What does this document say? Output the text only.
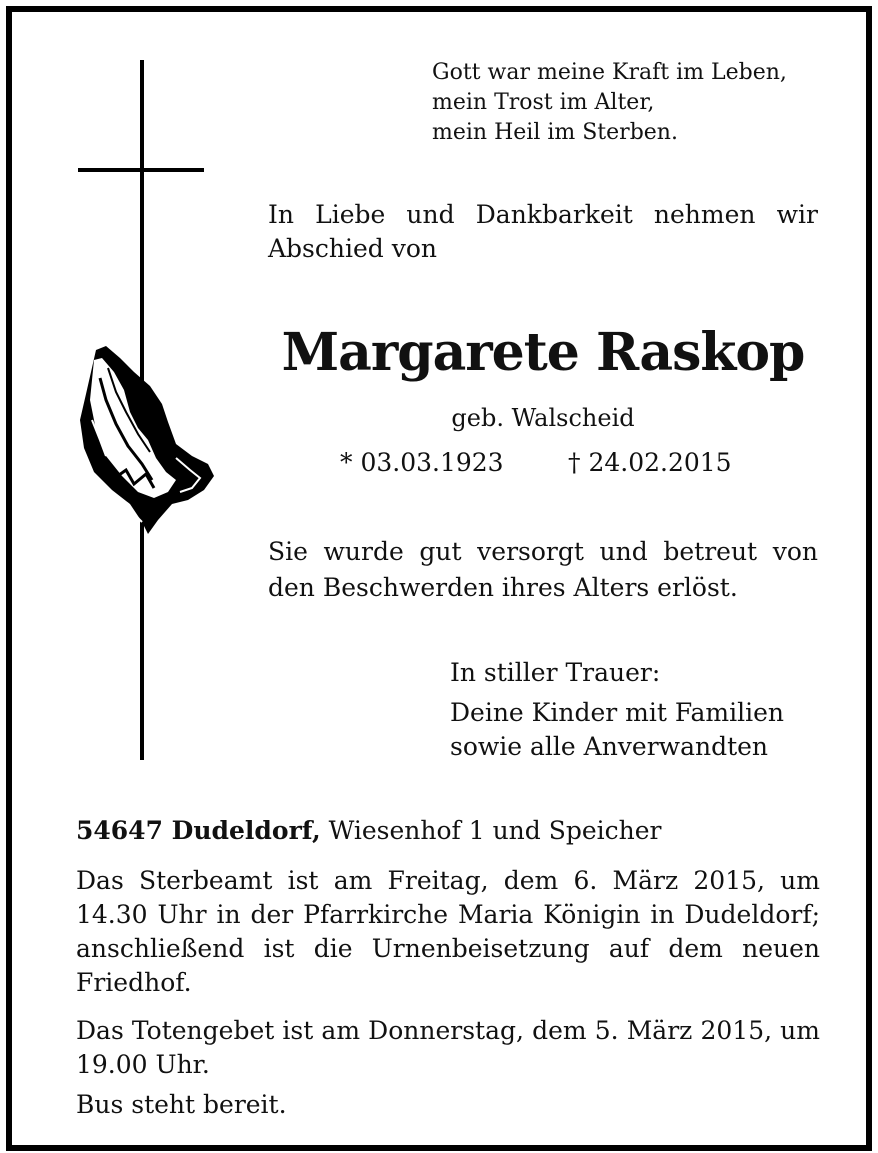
Gott war meine Kraft im Leben,
mein Trost im Alter,
mein Heil im Sterben.
In Liebe und Dankbarkeit nehmen wir Abschied von
Margarete Raskop
geb. Walscheid
* 03.03.1923	† 24.02.2015
Sie wurde gut versorgt und betreut von den Beschwerden ihres Alters erlöst.
In stiller Trauer:
Deine Kinder mit Familien
sowie alle Anverwandten
54647 Dudeldorf, Wiesenhof 1 und Speicher
Das Sterbeamt ist am Freitag, dem 6. März 2015, um 14.30 Uhr in der Pfarrkirche Maria Königin in Dudeldorf; anschließend ist die Urnenbeisetzung auf dem neuen Friedhof.
Das Totengebet ist am Donnerstag, dem 5. März 2015, um 19.00 Uhr.
Bus steht bereit.
